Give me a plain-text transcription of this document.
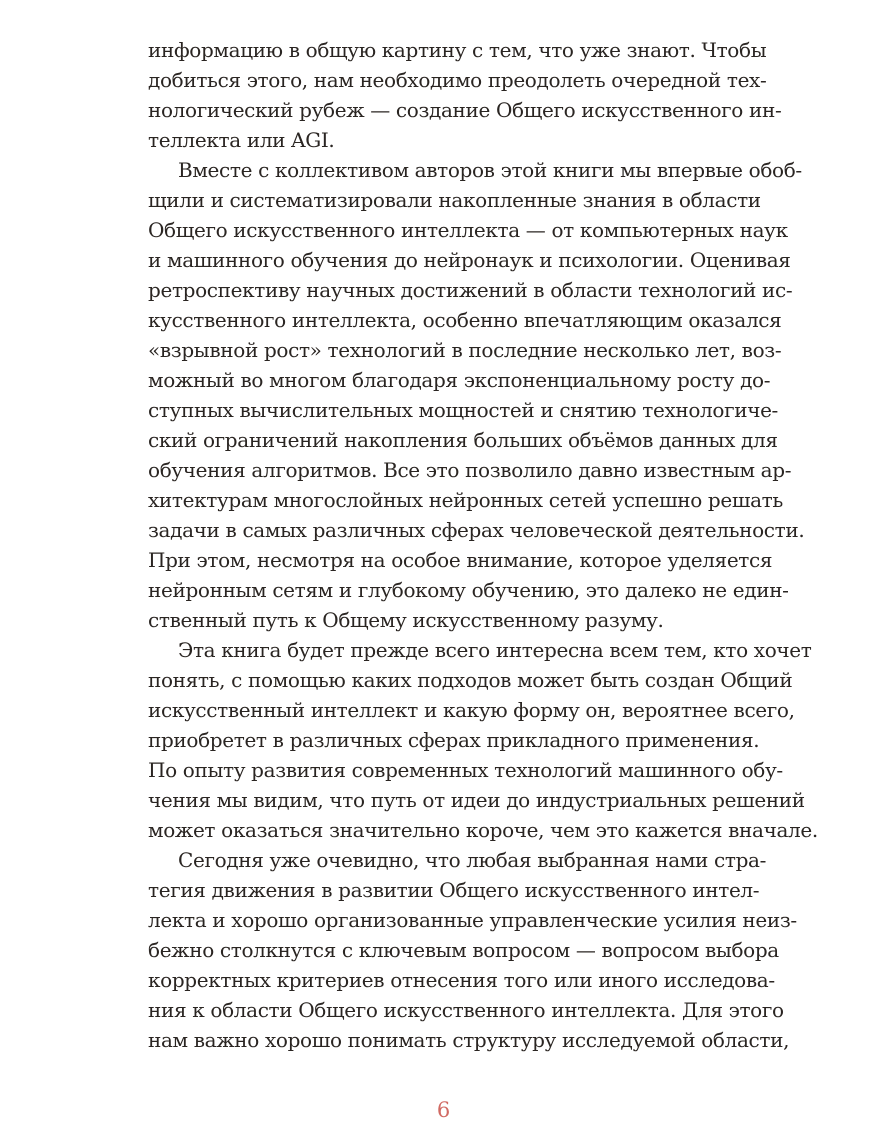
информацию в общую картину с тем, что уже знают. Чтобы
добиться этого, нам необходимо преодолеть очередной тех-
нологический рубеж — создание Общего искусственного ин-
теллекта или AGI.
Вместе с коллективом авторов этой книги мы впервые обоб-
щили и систематизировали накопленные знания в области
Общего искусственного интеллекта — от компьютерных наук
и машинного обучения до нейронаук и психологии. Оценивая
ретроспективу научных достижений в области технологий ис-
кусственного интеллекта, особенно впечатляющим оказался
«взрывной рост» технологий в последние несколько лет, воз-
можный во многом благодаря экспоненциальному росту до-
ступных вычислительных мощностей и снятию технологиче-
ский ограничений накопления больших объёмов данных для
обучения алгоритмов. Все это позволило давно известным ар-
хитектурам многослойных нейронных сетей успешно решать
задачи в самых различных сферах человеческой деятельности.
При этом, несмотря на особое внимание, которое уделяется
нейронным сетям и глубокому обучению, это далеко не един-
ственный путь к Общему искусственному разуму.
Эта книга будет прежде всего интересна всем тем, кто хочет
понять, с помощью каких подходов может быть создан Общий
искусственный интеллект и какую форму он, вероятнее всего,
приобретет в различных сферах прикладного применения.
По опыту развития современных технологий машинного обу-
чения мы видим, что путь от идеи до индустриальных решений
может оказаться значительно короче, чем это кажется вначале.
Сегодня уже очевидно, что любая выбранная нами стра-
тегия движения в развитии Общего искусственного интел-
лекта и хорошо организованные управленческие усилия неиз-
бежно столкнутся с ключевым вопросом — вопросом выбора
корректных критериев отнесения того или иного исследова-
ния к области Общего искусственного интеллекта. Для этого
нам важно хорошо понимать структуру исследуемой области,
6
